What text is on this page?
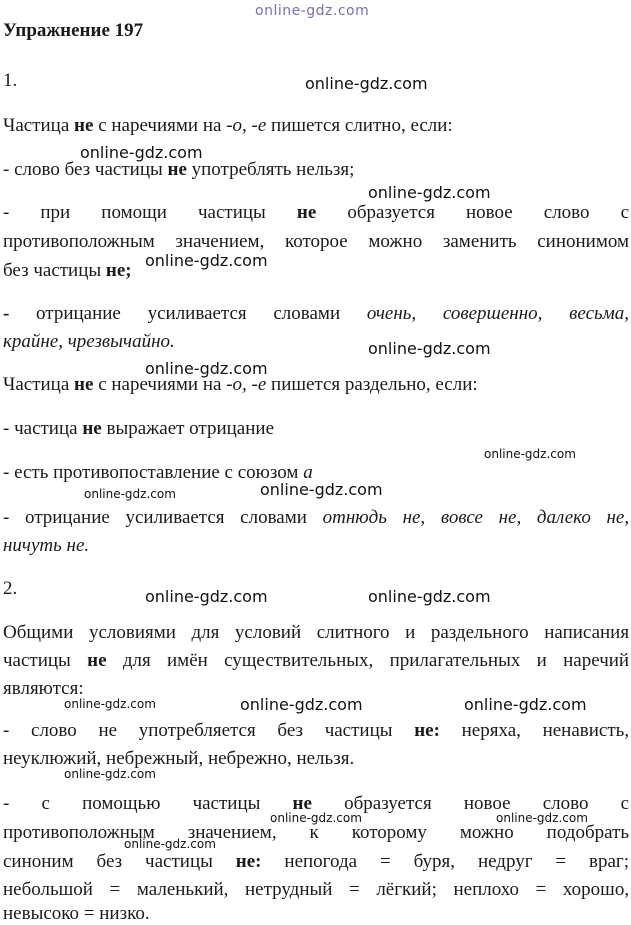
online-gdz.com
Упражнение 197
1.
Частица не с наречиями на -о, -е пишется слитно, если:
- слово без частицы не употреблять нельзя;
- при помощи частицы не образуется новое слово с
противоположным значением, которое можно заменить синонимом
без частицы не;
- отрицание усиливается словами очень, совершенно, весьма,
крайне, чрезвычайно.
Частица не с наречиями на -о, -е пишется раздельно, если:
- частица не выражает отрицание
- есть противопоставление с союзом а
- отрицание усиливается словами отнюдь не, вовсе не, далеко не,
ничуть не.
2.
Общими условиями для условий слитного и раздельного написания
частицы не для имён существительных, прилагательных и наречий
являются:
- слово не употребляется без частицы не: неряха, ненависть,
неуклюжий, небрежный, небрежно, нельзя.
- с помощью частицы не образуется новое слово с
противоположным значением, к которому можно подобрать
синоним без частицы не: непогода = буря, недруг = враг;
небольшой = маленький, нетрудный = лёгкий; неплохо = хорошо,
невысоко = низко.
online-gdz.com
online-gdz.com
online-gdz.com
online-gdz.com
online-gdz.com
online-gdz.com
online-gdz.com
online-gdz.com
online-gdz.com
online-gdz.com	online-gdz.com
online-gdz.com	online-gdz.com	online-gdz.com
online-gdz.com
online-gdz.com	online-gdz.com
online-gdz.com
